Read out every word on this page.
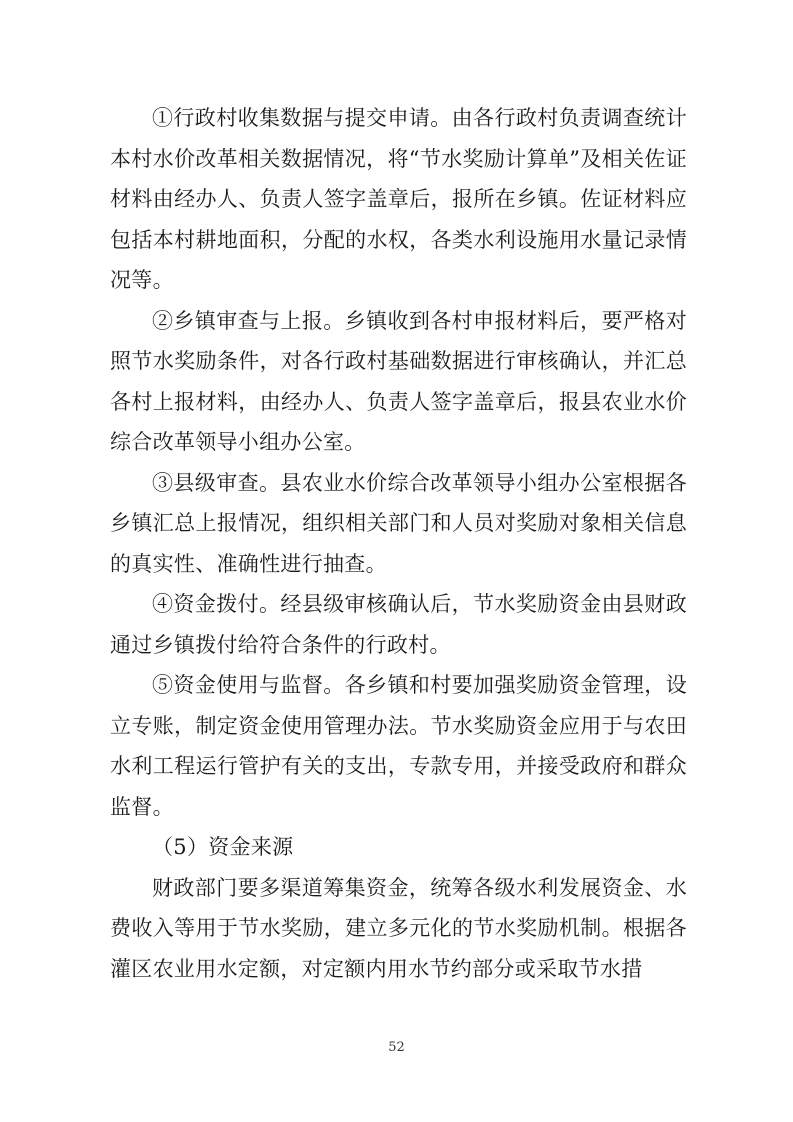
①行政村收集数据与提交申请。由各行政村负责调查统计本村水价改革相关数据情况，将“节水奖励计算单”及相关佐证材料由经办人、负责人签字盖章后，报所在乡镇。佐证材料应包括本村耕地面积，分配的水权，各类水利设施用水量记录情况等。

②乡镇审查与上报。乡镇收到各村申报材料后，要严格对照节水奖励条件，对各行政村基础数据进行审核确认，并汇总各村上报材料，由经办人、负责人签字盖章后，报县农业水价综合改革领导小组办公室。

③县级审查。县农业水价综合改革领导小组办公室根据各乡镇汇总上报情况，组织相关部门和人员对奖励对象相关信息的真实性、准确性进行抽查。

④资金拨付。经县级审核确认后，节水奖励资金由县财政通过乡镇拨付给符合条件的行政村。

⑤资金使用与监督。各乡镇和村要加强奖励资金管理，设立专账，制定资金使用管理办法。节水奖励资金应用于与农田水利工程运行管护有关的支出，专款专用，并接受政府和群众监督。

（5）资金来源

财政部门要多渠道筹集资金，统筹各级水利发展资金、水费收入等用于节水奖励，建立多元化的节水奖励机制。根据各灌区农业用水定额，对定额内用水节约部分或采取节水措

52
